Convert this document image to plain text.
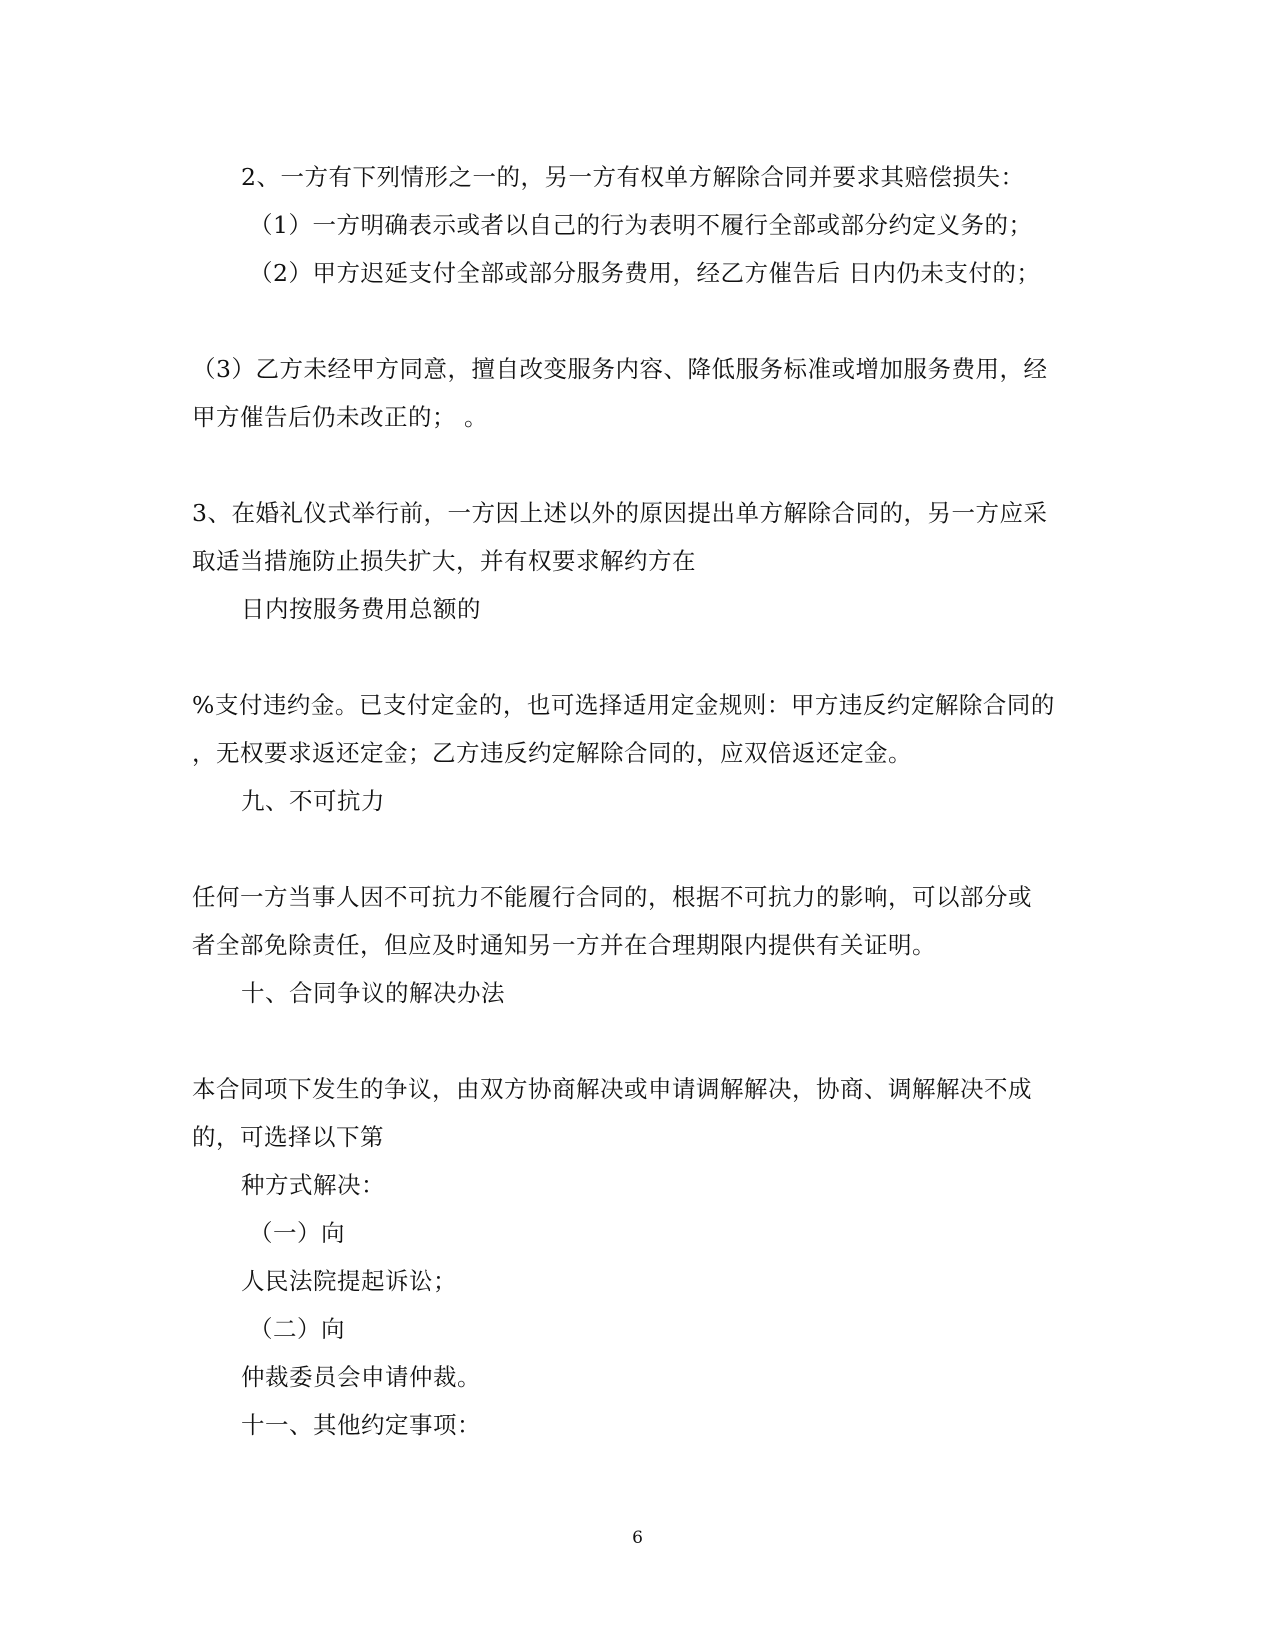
2、一方有下列情形之一的，另一方有权单方解除合同并要求其赔偿损失：
（1）一方明确表示或者以自己的行为表明不履行全部或部分约定义务的；
（2）甲方迟延支付全部或部分服务费用，经乙方催告后 日内仍未支付的；
（3）乙方未经甲方同意，擅自改变服务内容、降低服务标准或增加服务费用，经
甲方催告后仍未改正的； 。
3、在婚礼仪式举行前，一方因上述以外的原因提出单方解除合同的，另一方应采
取适当措施防止损失扩大，并有权要求解约方在
日内按服务费用总额的
%支付违约金。已支付定金的，也可选择适用定金规则：甲方违反约定解除合同的
，无权要求返还定金；乙方违反约定解除合同的，应双倍返还定金。
九、不可抗力
任何一方当事人因不可抗力不能履行合同的，根据不可抗力的影响，可以部分或
者全部免除责任，但应及时通知另一方并在合理期限内提供有关证明。
十、合同争议的解决办法
本合同项下发生的争议，由双方协商解决或申请调解解决，协商、调解解决不成
的，可选择以下第
种方式解决：
（一）向
人民法院提起诉讼；
（二）向
仲裁委员会申请仲裁。
十一、其他约定事项：
6
